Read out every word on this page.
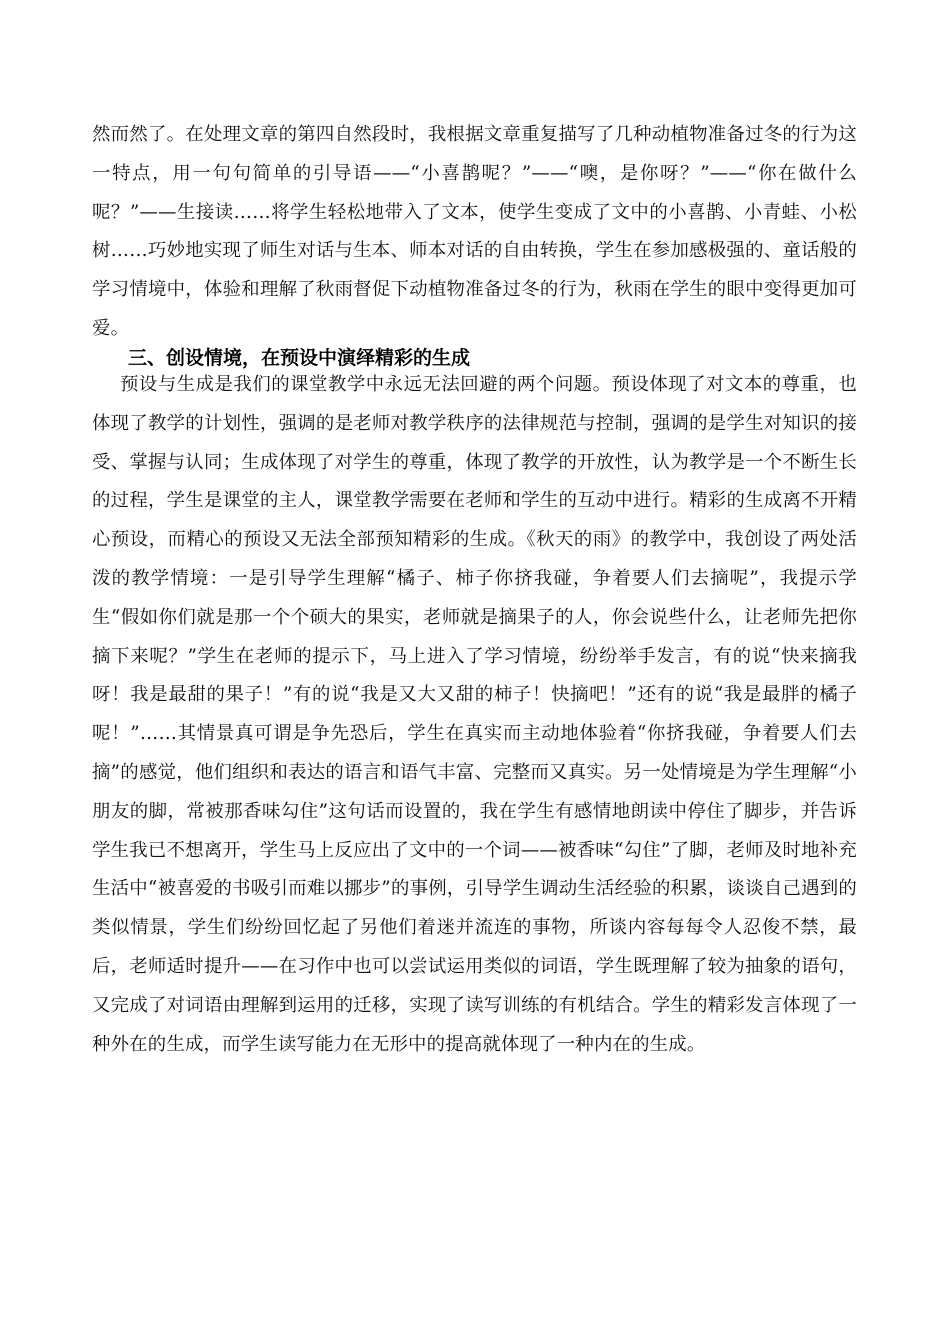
然而然了。在处理文章的第四自然段时，我根据文章重复描写了几种动植物准备过冬的行为这一特点，用一句句简单的引导语——“小喜鹊呢？”——“噢，是你呀？”——“你在做什么呢？”——生接读……将学生轻松地带入了文本，使学生变成了文中的小喜鹊、小青蛙、小松树……巧妙地实现了师生对话与生本、师本对话的自由转换，学生在参加感极强的、童话般的学习情境中，体验和理解了秋雨督促下动植物准备过冬的行为，秋雨在学生的眼中变得更加可爱。
三、创设情境，在预设中演绎精彩的生成
预设与生成是我们的课堂教学中永远无法回避的两个问题。预设体现了对文本的尊重，也体现了教学的计划性，强调的是老师对教学秩序的法律规范与控制，强调的是学生对知识的接受、掌握与认同；生成体现了对学生的尊重，体现了教学的开放性，认为教学是一个不断生长的过程，学生是课堂的主人，课堂教学需要在老师和学生的互动中进行。精彩的生成离不开精心预设，而精心的预设又无法全部预知精彩的生成。《秋天的雨》的教学中，我创设了两处活泼的教学情境：一是引导学生理解“橘子、柿子你挤我碰，争着要人们去摘呢”，我提示学生“假如你们就是那一个个硕大的果实，老师就是摘果子的人，你会说些什么，让老师先把你摘下来呢？”学生在老师的提示下，马上进入了学习情境，纷纷举手发言，有的说“快来摘我呀！我是最甜的果子！”有的说“我是又大又甜的柿子！快摘吧！”还有的说“我是最胖的橘子呢！”……其情景真可谓是争先恐后，学生在真实而主动地体验着“你挤我碰，争着要人们去摘”的感觉，他们组织和表达的语言和语气丰富、完整而又真实。另一处情境是为学生理解“小朋友的脚，常被那香味勾住”这句话而设置的，我在学生有感情地朗读中停住了脚步，并告诉学生我已不想离开，学生马上反应出了文中的一个词——被香味“勾住”了脚，老师及时地补充生活中“被喜爱的书吸引而难以挪步”的事例，引导学生调动生活经验的积累，谈谈自己遇到的类似情景，学生们纷纷回忆起了另他们着迷并流连的事物，所谈内容每每令人忍俊不禁，最后，老师适时提升——在习作中也可以尝试运用类似的词语，学生既理解了较为抽象的语句，又完成了对词语由理解到运用的迁移，实现了读写训练的有机结合。学生的精彩发言体现了一种外在的生成，而学生读写能力在无形中的提高就体现了一种内在的生成。
